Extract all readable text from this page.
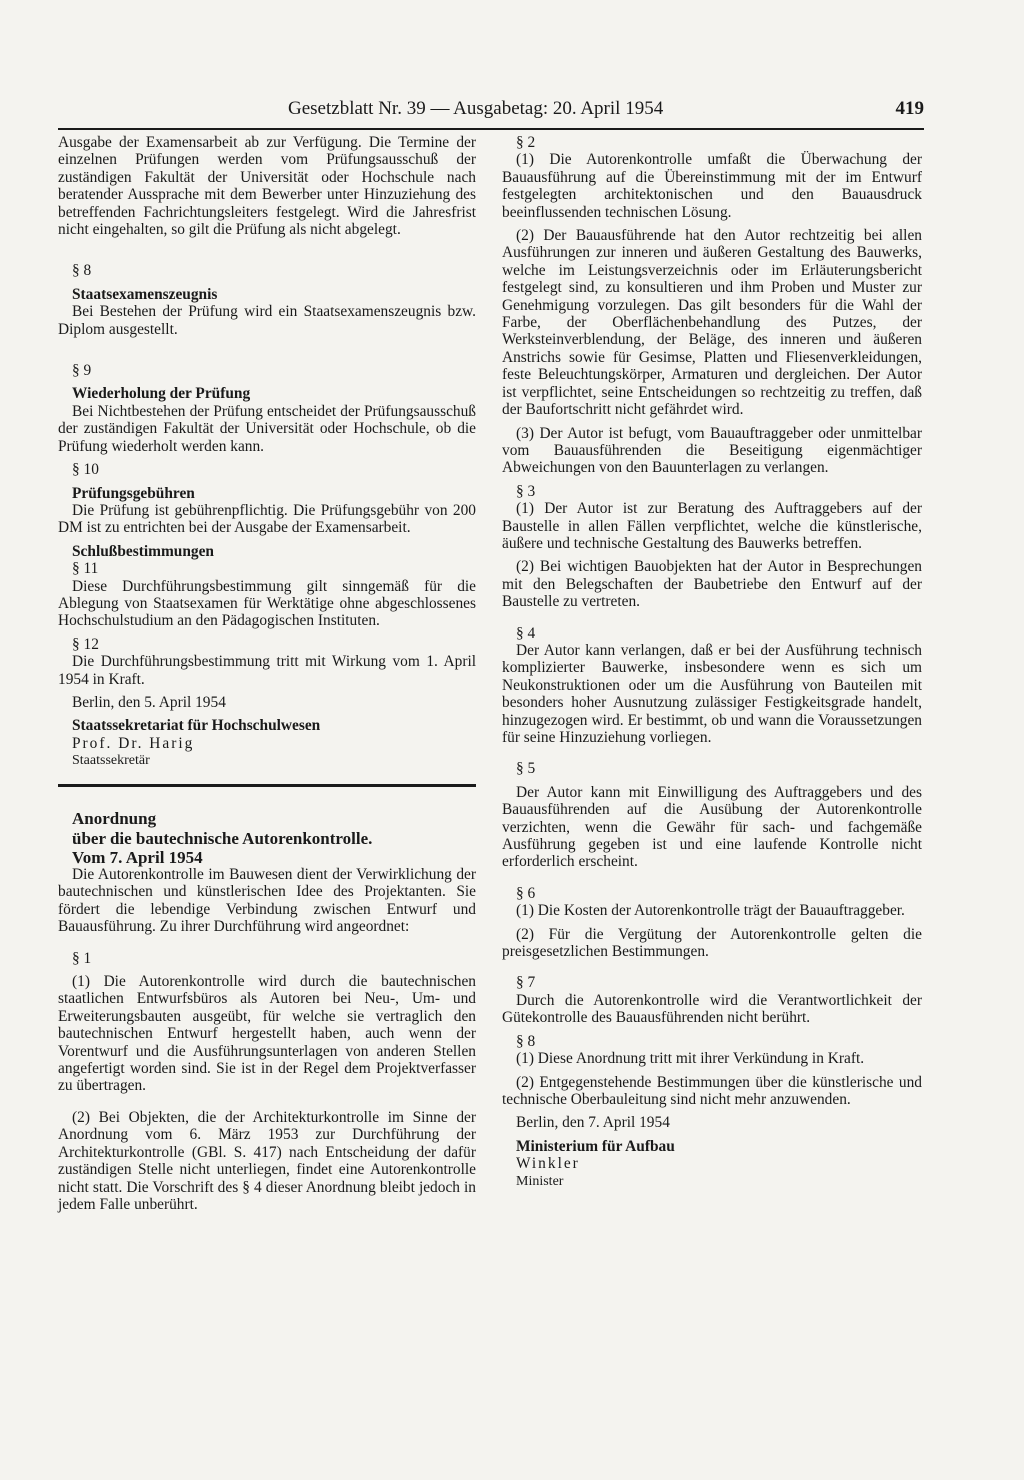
Gesetzblatt Nr. 39 — Ausgabetag: 20. April 1954	419

Ausgabe der Examensarbeit ab zur Verfügung. Die Termine der einzelnen Prüfungen werden vom Prüfungsausschuß der zuständigen Fakultät der Universität oder Hochschule nach beratender Aussprache mit dem Bewerber unter Hinzuziehung des betreffenden Fachrichtungsleiters festgelegt. Wird die Jahresfrist nicht eingehalten, so gilt die Prüfung als nicht abgelegt.

§ 8

Staatsexamenszeugnis

Bei Bestehen der Prüfung wird ein Staatsexamenszeugnis bzw. Diplom ausgestellt.

§ 9

Wiederholung der Prüfung

Bei Nichtbestehen der Prüfung entscheidet der Prüfungsausschuß der zuständigen Fakultät der Universität oder Hochschule, ob die Prüfung wiederholt werden kann.

§ 10

Prüfungsgebühren

Die Prüfung ist gebührenpflichtig. Die Prüfungsgebühr von 200 DM ist zu entrichten bei der Ausgabe der Examensarbeit.

Schlußbestimmungen

§ 11

Diese Durchführungsbestimmung gilt sinngemäß für die Ablegung von Staatsexamen für Werktätige ohne abgeschlossenes Hochschulstudium an den Pädagogischen Instituten.

§ 12

Die Durchführungsbestimmung tritt mit Wirkung vom 1. April 1954 in Kraft.

Berlin, den 5. April 1954

Staatssekretariat für Hochschulwesen

Prof. Dr. Harig

Staatssekretär

Anordnung

über die bautechnische Autorenkontrolle.

Vom 7. April 1954

Die Autorenkontrolle im Bauwesen dient der Verwirklichung der bautechnischen und künstlerischen Idee des Projektanten. Sie fördert die lebendige Verbindung zwischen Entwurf und Bauausführung. Zu ihrer Durchführung wird angeordnet:

§ 1

(1) Die Autorenkontrolle wird durch die bautechnischen staatlichen Entwurfsbüros als Autoren bei Neu-, Um- und Erweiterungsbauten ausgeübt, für welche sie vertraglich den bautechnischen Entwurf hergestellt haben, auch wenn der Vorentwurf und die Ausführungsunterlagen von anderen Stellen angefertigt worden sind. Sie ist in der Regel dem Projektverfasser zu übertragen.

(2) Bei Objekten, die der Architekturkontrolle im Sinne der Anordnung vom 6. März 1953 zur Durchführung der Architekturkontrolle (GBl. S. 417) nach Entscheidung der dafür zuständigen Stelle nicht unterliegen, findet eine Autorenkontrolle nicht statt. Die Vorschrift des § 4 dieser Anordnung bleibt jedoch in jedem Falle unberührt.

§ 2

(1) Die Autorenkontrolle umfaßt die Überwachung der Bauausführung auf die Übereinstimmung mit der im Entwurf festgelegten architektonischen und den Bauausdruck beeinflussenden technischen Lösung.

(2) Der Bauausführende hat den Autor rechtzeitig bei allen Ausführungen zur inneren und äußeren Gestaltung des Bauwerks, welche im Leistungsverzeichnis oder im Erläuterungsbericht festgelegt sind, zu konsultieren und ihm Proben und Muster zur Genehmigung vorzulegen. Das gilt besonders für die Wahl der Farbe, der Oberflächenbehandlung des Putzes, der Werksteinverblendung, der Beläge, des inneren und äußeren Anstrichs sowie für Gesimse, Platten und Fliesenverkleidungen, feste Beleuchtungskörper, Armaturen und dergleichen. Der Autor ist verpflichtet, seine Entscheidungen so rechtzeitig zu treffen, daß der Baufortschritt nicht gefährdet wird.

(3) Der Autor ist befugt, vom Bauauftraggeber oder unmittelbar vom Bauausführenden die Beseitigung eigenmächtiger Abweichungen von den Bauunterlagen zu verlangen.

§ 3

(1) Der Autor ist zur Beratung des Auftraggebers auf der Baustelle in allen Fällen verpflichtet, welche die künstlerische, äußere und technische Gestaltung des Bauwerks betreffen.

(2) Bei wichtigen Bauobjekten hat der Autor in Besprechungen mit den Belegschaften der Baubetriebe den Entwurf auf der Baustelle zu vertreten.

§ 4

Der Autor kann verlangen, daß er bei der Ausführung technisch komplizierter Bauwerke, insbesondere wenn es sich um Neukonstruktionen oder um die Ausführung von Bauteilen mit besonders hoher Ausnutzung zulässiger Festigkeitsgrade handelt, hinzugezogen wird. Er bestimmt, ob und wann die Voraussetzungen für seine Hinzuziehung vorliegen.

§ 5

Der Autor kann mit Einwilligung des Auftraggebers und des Bauausführenden auf die Ausübung der Autorenkontrolle verzichten, wenn die Gewähr für sach- und fachgemäße Ausführung gegeben ist und eine laufende Kontrolle nicht erforderlich erscheint.

§ 6

(1) Die Kosten der Autorenkontrolle trägt der Bauauftraggeber.

(2) Für die Vergütung der Autorenkontrolle gelten die preisgesetzlichen Bestimmungen.

§ 7

Durch die Autorenkontrolle wird die Verantwortlichkeit der Gütekontrolle des Bauausführenden nicht berührt.

§ 8

(1) Diese Anordnung tritt mit ihrer Verkündung in Kraft.

(2) Entgegenstehende Bestimmungen über die künstlerische und technische Oberbauleitung sind nicht mehr anzuwenden.

Berlin, den 7. April 1954

Ministerium für Aufbau

Winkler

Minister
